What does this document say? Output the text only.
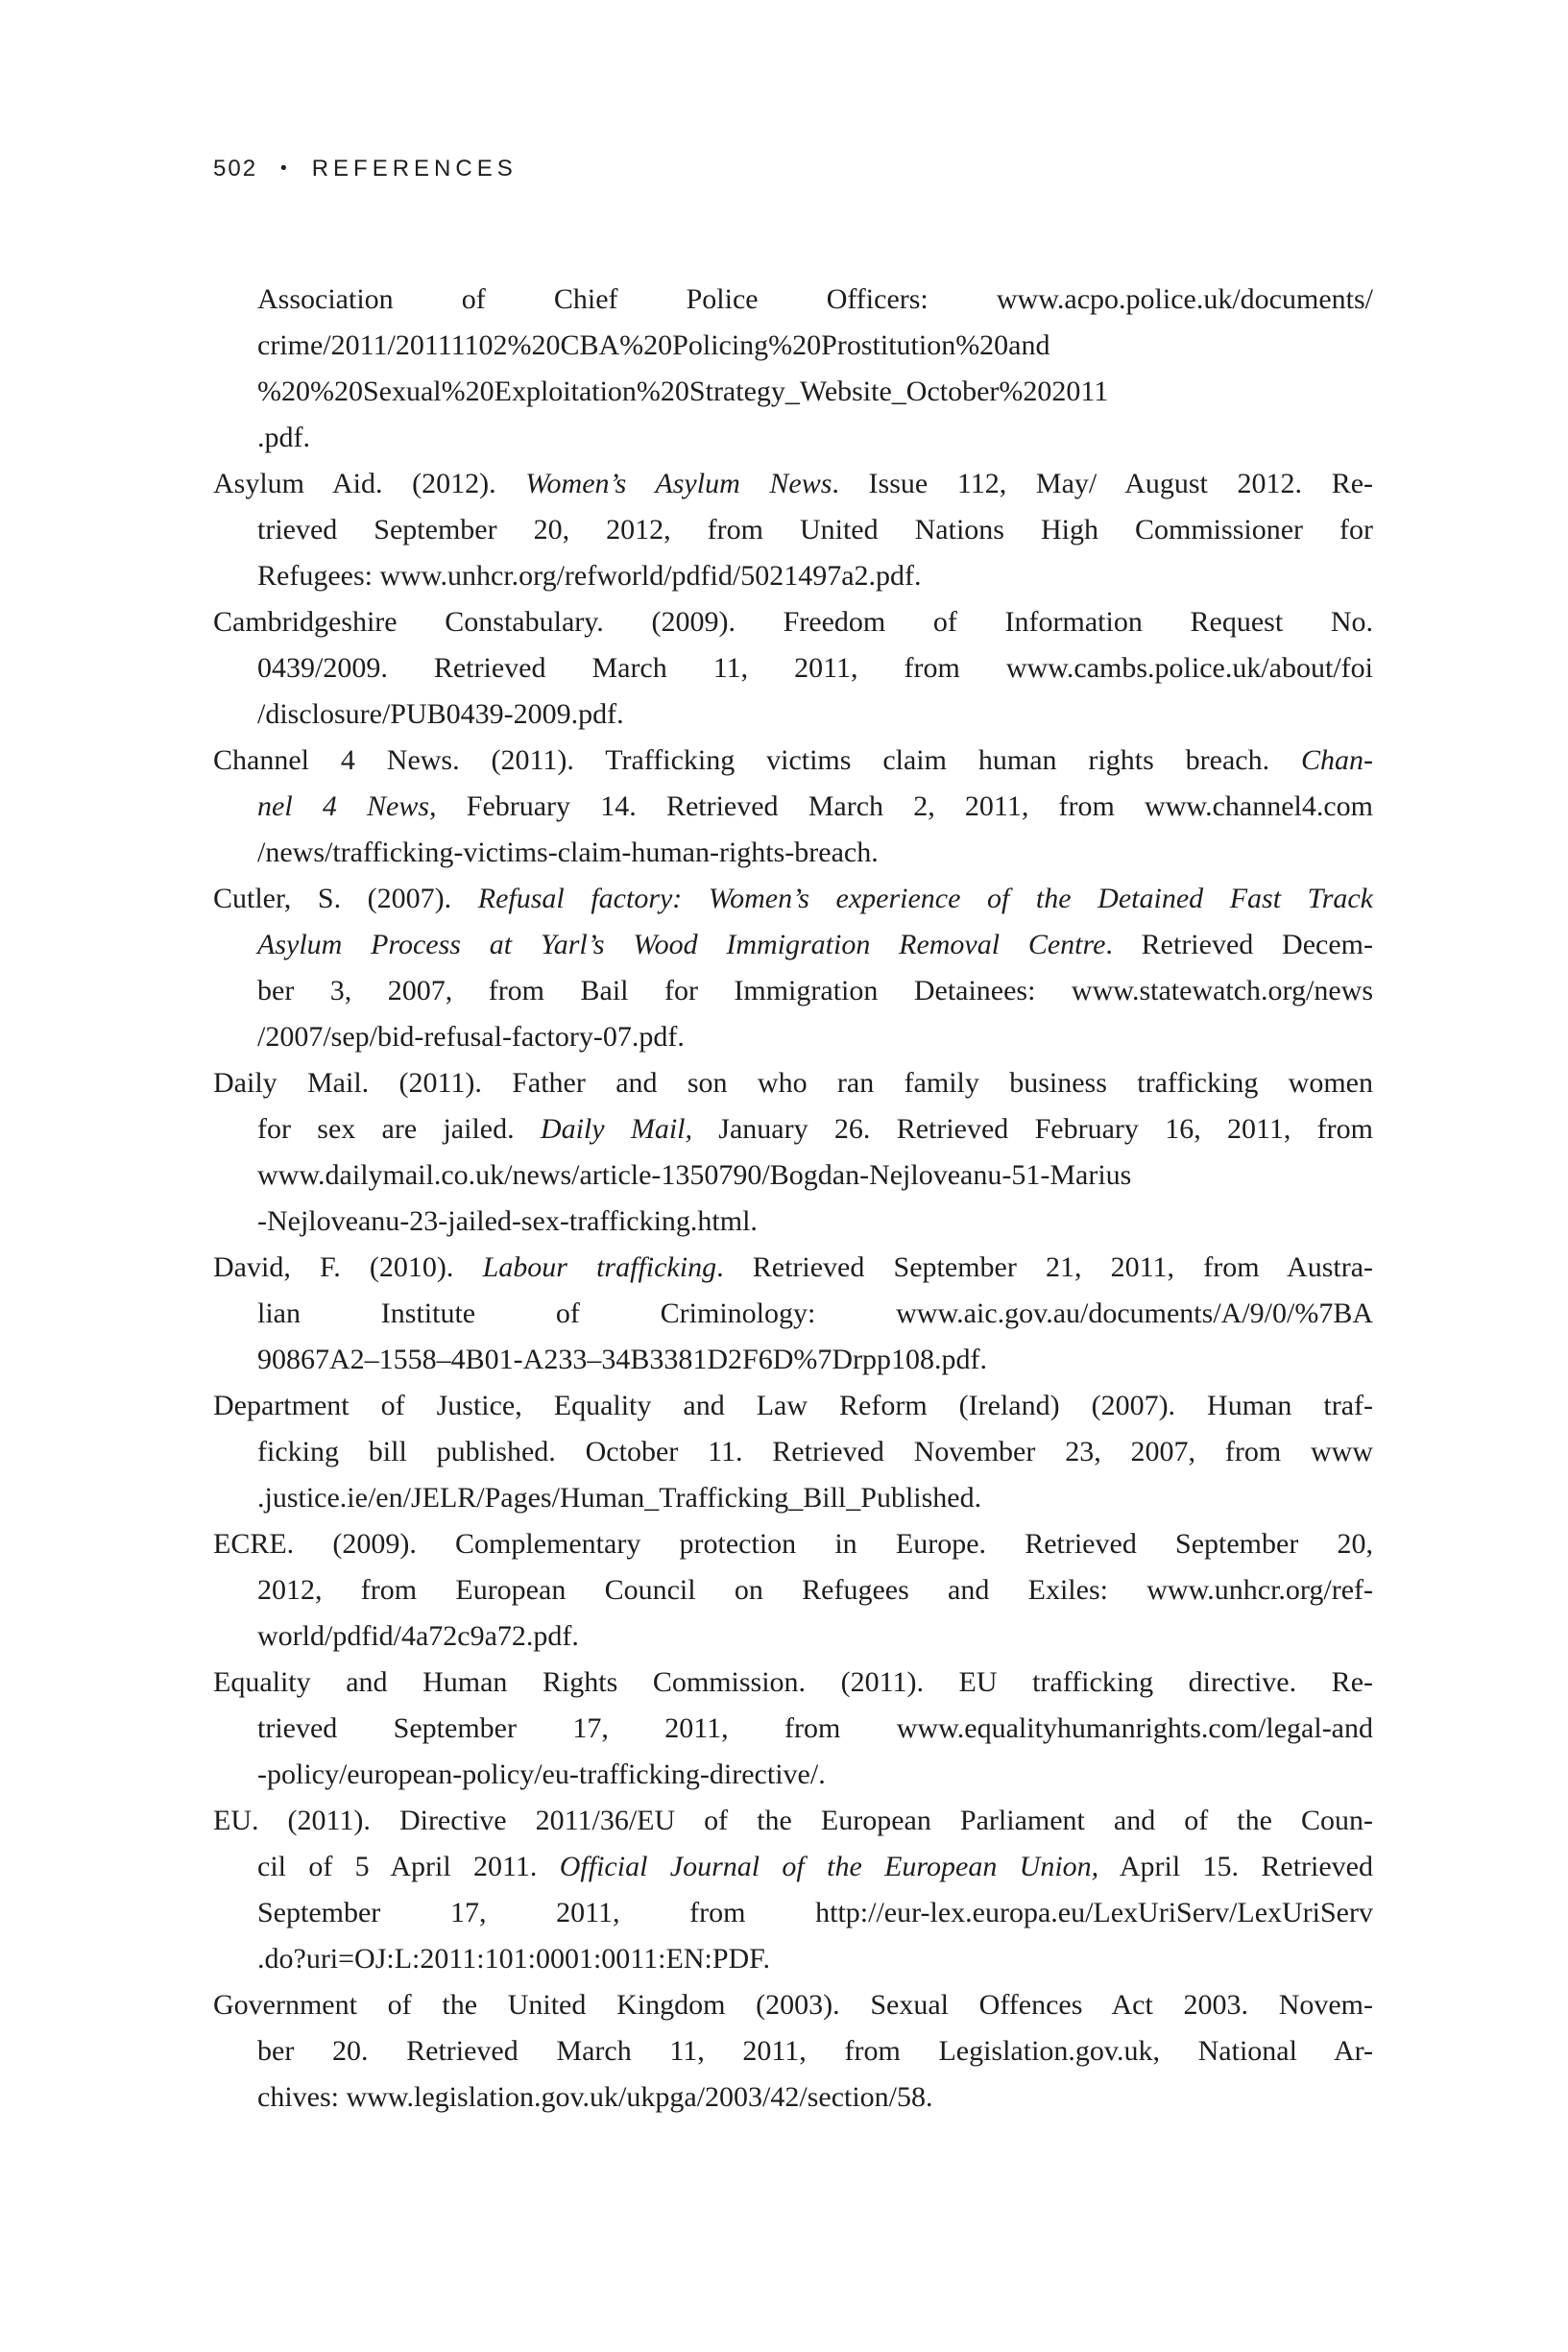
502 • REFERENCES
Association of Chief Police Officers: www.acpo.police.uk/documents/
crime/2011/20111102%20CBA%20Policing%20Prostitution%20and
%20%20Sexual%20Exploitation%20Strategy_Website_October%202011
.pdf.
Asylum Aid. (2012). Women’s Asylum News. Issue 112, May/ August 2012. Re-
trieved September 20, 2012, from United Nations High Commissioner for
Refugees: www.unhcr.org/refworld/pdfid/5021497a2.pdf.
Cambridgeshire Constabulary. (2009). Freedom of Information Request No.
0439/2009. Retrieved March 11, 2011, from www.cambs.police.uk/about/foi
/disclosure/PUB0439-2009.pdf.
Channel 4 News. (2011). Trafficking victims claim human rights breach. Chan-
nel 4 News, February 14. Retrieved March 2, 2011, from www.channel4.com
/news/trafficking-victims-claim-human-rights-breach.
Cutler, S. (2007). Refusal factory: Women’s experience of the Detained Fast Track
Asylum Process at Yarl’s Wood Immigration Removal Centre. Retrieved Decem-
ber 3, 2007, from Bail for Immigration Detainees: www.statewatch.org/news
/2007/sep/bid-refusal-factory-07.pdf.
Daily Mail. (2011). Father and son who ran family business trafficking women
for sex are jailed. Daily Mail, January 26. Retrieved February 16, 2011, from
www.dailymail.co.uk/news/article-1350790/Bogdan-Nejloveanu-51-Marius
-Nejloveanu-23-jailed-sex-trafficking.html.
David, F. (2010). Labour trafficking. Retrieved September 21, 2011, from Austra-
lian Institute of Criminology: www.aic.gov.au/documents/A/9/0/%7BA
90867A2–1558–4B01-A233–34B3381D2F6D%7Drpp108.pdf.
Department of Justice, Equality and Law Reform (Ireland) (2007). Human traf-
ficking bill published. October 11. Retrieved November 23, 2007, from www
.justice.ie/en/JELR/Pages/Human_Trafficking_Bill_Published.
ECRE. (2009). Complementary protection in Europe. Retrieved September 20,
2012, from European Council on Refugees and Exiles: www.unhcr.org/ref-
world/pdfid/4a72c9a72.pdf.
Equality and Human Rights Commission. (2011). EU trafficking directive. Re-
trieved September 17, 2011, from www.equalityhumanrights.com/legal-and
-policy/european-policy/eu-trafficking-directive/.
EU. (2011). Directive 2011/36/EU of the European Parliament and of the Coun-
cil of 5 April 2011. Official Journal of the European Union, April 15. Retrieved
September 17, 2011, from http://eur-lex.europa.eu/LexUriServ/LexUriServ
.do?uri=OJ:L:2011:101:0001:0011:EN:PDF.
Government of the United Kingdom (2003). Sexual Offences Act 2003. Novem-
ber 20. Retrieved March 11, 2011, from Legislation.gov.uk, National Ar-
chives: www.legislation.gov.uk/ukpga/2003/42/section/58.
